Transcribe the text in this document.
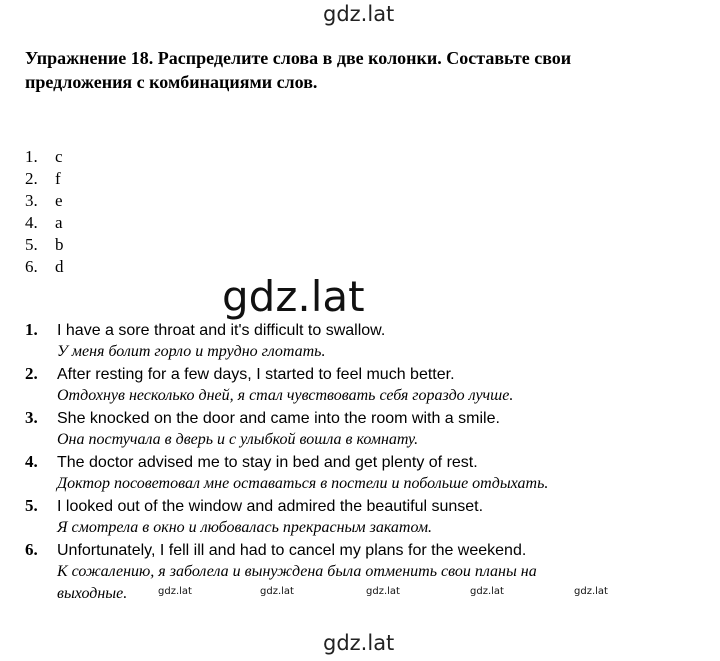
gdz.lat

Упражнение 18. Распределите слова в две колонки. Составьте свои предложения с комбинациями слов.

1. c
2. f
3. e
4. a
5. b
6. d
gdz.lat
1. I have a sore throat and it's difficult to swallow.
У меня болит горло и трудно глотать.
2. After resting for a few days, I started to feel much better.
Отдохнув несколько дней, я стал чувствовать себя гораздо лучше.
3. She knocked on the door and came into the room with a smile.
Она постучала в дверь и с улыбкой вошла в комнату.
4. The doctor advised me to stay in bed and get plenty of rest.
Доктор посоветовал мне оставаться в постели и побольше отдыхать.
5. I looked out of the window and admired the beautiful sunset.
Я смотрела в окно и любовалась прекрасным закатом.
6. Unfortunately, I fell ill and had to cancel my plans for the weekend.
К сожалению, я заболела и вынуждена была отменить свои планы на
выходные.	gdz.lat	gdz.lat	gdz.lat	gdz.lat	gdz.lat
gdz.lat
